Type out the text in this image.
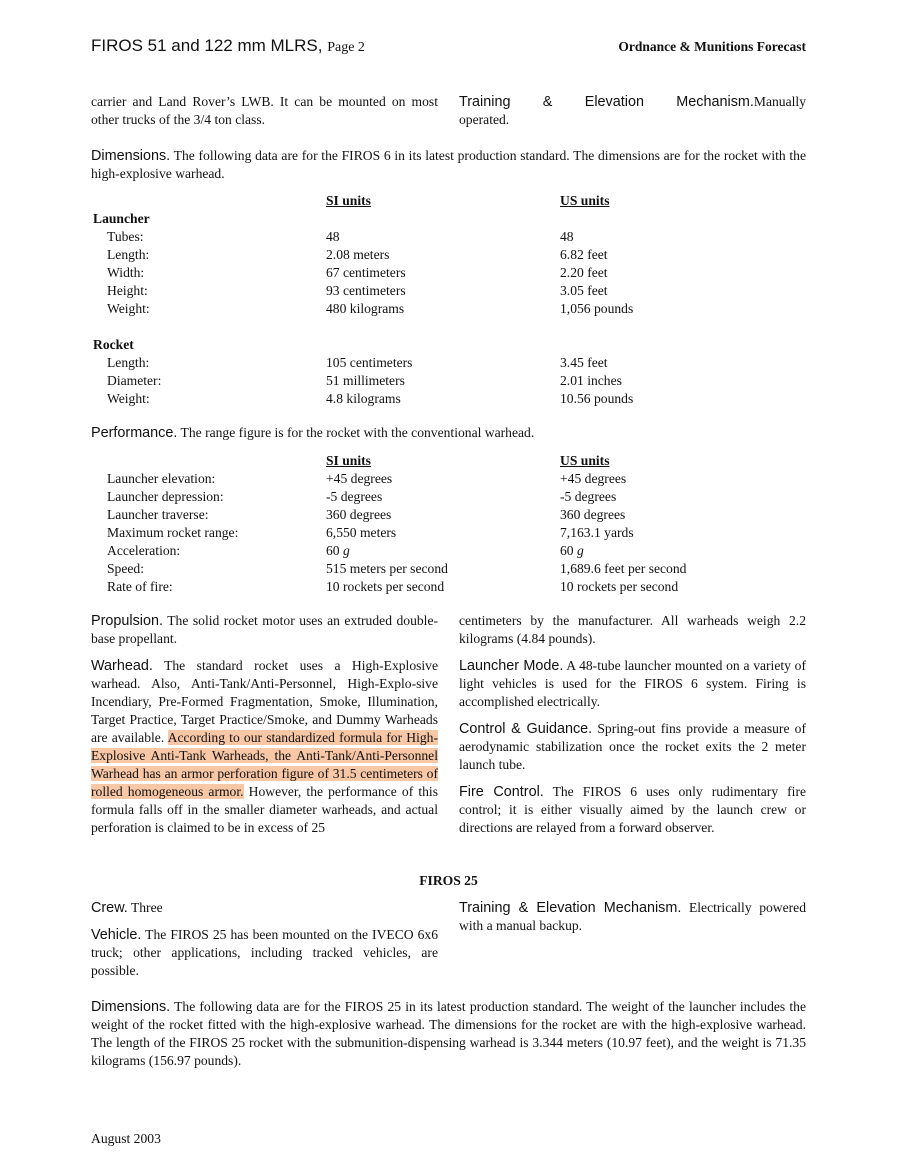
FIROS 51 and 122 mm MLRS, Page 2	Ordnance & Munitions Forecast
carrier and Land Rover’s LWB. It can be mounted on most other trucks of the 3/4 ton class.
Training & Elevation Mechanism. Manually
operated.
Dimensions. The following data are for the FIROS 6 in its latest production standard. The dimensions are for the rocket with the high-explosive warhead.
SI units	US units
Launcher
Tubes:	48	48
Length:	2.08 meters	6.82 feet
Width:	67 centimeters	2.20 feet
Height:	93 centimeters	3.05 feet
Weight:	480 kilograms	1,056 pounds
Rocket
Length:	105 centimeters	3.45 feet
Diameter:	51 millimeters	2.01 inches
Weight:	4.8 kilograms	10.56 pounds
Performance. The range figure is for the rocket with the conventional warhead.
SI units	US units
Launcher elevation:	+45 degrees	+45 degrees
Launcher depression:	-5 degrees	-5 degrees
Launcher traverse:	360 degrees	360 degrees
Maximum rocket range:	6,550 meters	7,163.1 yards
Acceleration:	60 g	60 g
Speed:	515 meters per second	1,689.6 feet per second
Rate of fire:	10 rockets per second	10 rockets per second
Propulsion. The solid rocket motor uses an extruded double-base propellant.
Warhead. The standard rocket uses a High-Explosive warhead. Also, Anti-Tank/Anti-Personnel, High-Explo-sive Incendiary, Pre-Formed Fragmentation, Smoke, Illumination, Target Practice, Target Practice/Smoke, and Dummy Warheads are available. According to our standardized formula for High-Explosive Anti-Tank Warheads, the Anti-Tank/Anti-Personnel Warhead has an armor perforation figure of 31.5 centimeters of rolled homogeneous armor. However, the performance of this formula falls off in the smaller diameter warheads, and actual perforation is claimed to be in excess of 25
centimeters by the manufacturer. All warheads weigh 2.2 kilograms (4.84 pounds).
Launcher Mode. A 48-tube launcher mounted on a variety of light vehicles is used for the FIROS 6 system. Firing is accomplished electrically.
Control & Guidance. Spring-out fins provide a measure of aerodynamic stabilization once the rocket exits the 2 meter launch tube.
Fire Control. The FIROS 6 uses only rudimentary fire control; it is either visually aimed by the launch crew or directions are relayed from a forward observer.
FIROS 25
Crew. Three
Vehicle. The FIROS 25 has been mounted on the IVECO 6x6 truck; other applications, including tracked vehicles, are possible.
Training & Elevation Mechanism. Electrically powered with a manual backup.
Dimensions. The following data are for the FIROS 25 in its latest production standard. The weight of the launcher includes the weight of the rocket fitted with the high-explosive warhead. The dimensions for the rocket are with the high-explosive warhead. The length of the FIROS 25 rocket with the submunition-dispensing warhead is 3.344 meters (10.97 feet), and the weight is 71.35 kilograms (156.97 pounds).
August 2003
